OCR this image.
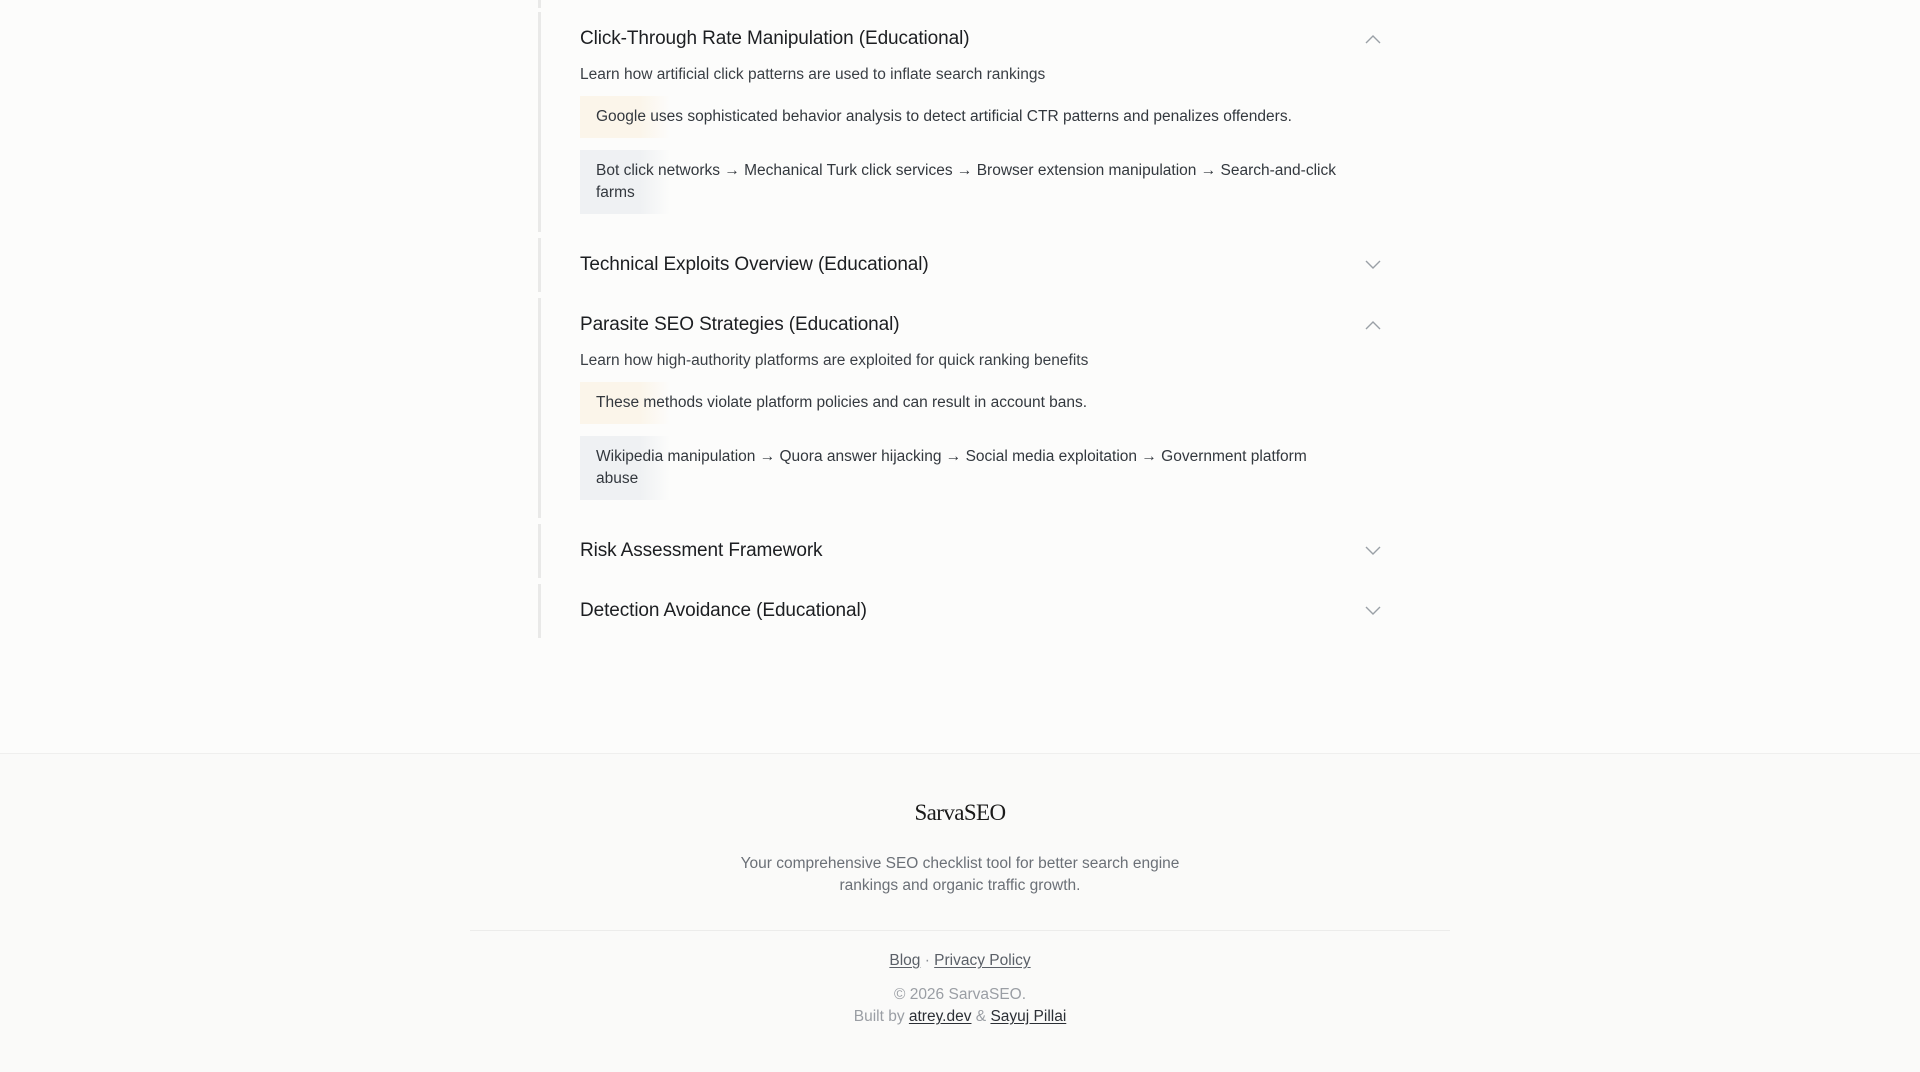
Click-Through Rate Manipulation (Educational)

Learn how artificial click patterns are used to inflate search rankings

Google uses sophisticated behavior analysis to detect artificial CTR patterns and penalizes offenders.
Bot click networks → Mechanical Turk click services → Browser extension manipulation → Search-and-click farms
Technical Exploits Overview (Educational)
Parasite SEO Strategies (Educational)

Learn how high-authority platforms are exploited for quick ranking benefits

These methods violate platform policies and can result in account bans.
Wikipedia manipulation → Quora answer hijacking → Social media exploitation → Government platform abuse
Risk Assessment Framework
Detection Avoidance (Educational)
SarvaSEO

Your comprehensive SEO checklist tool for better search engine rankings and organic traffic growth.

Blog · Privacy Policy
© 2026 SarvaSEO.
Built by atrey.dev & Sayuj Pillai
